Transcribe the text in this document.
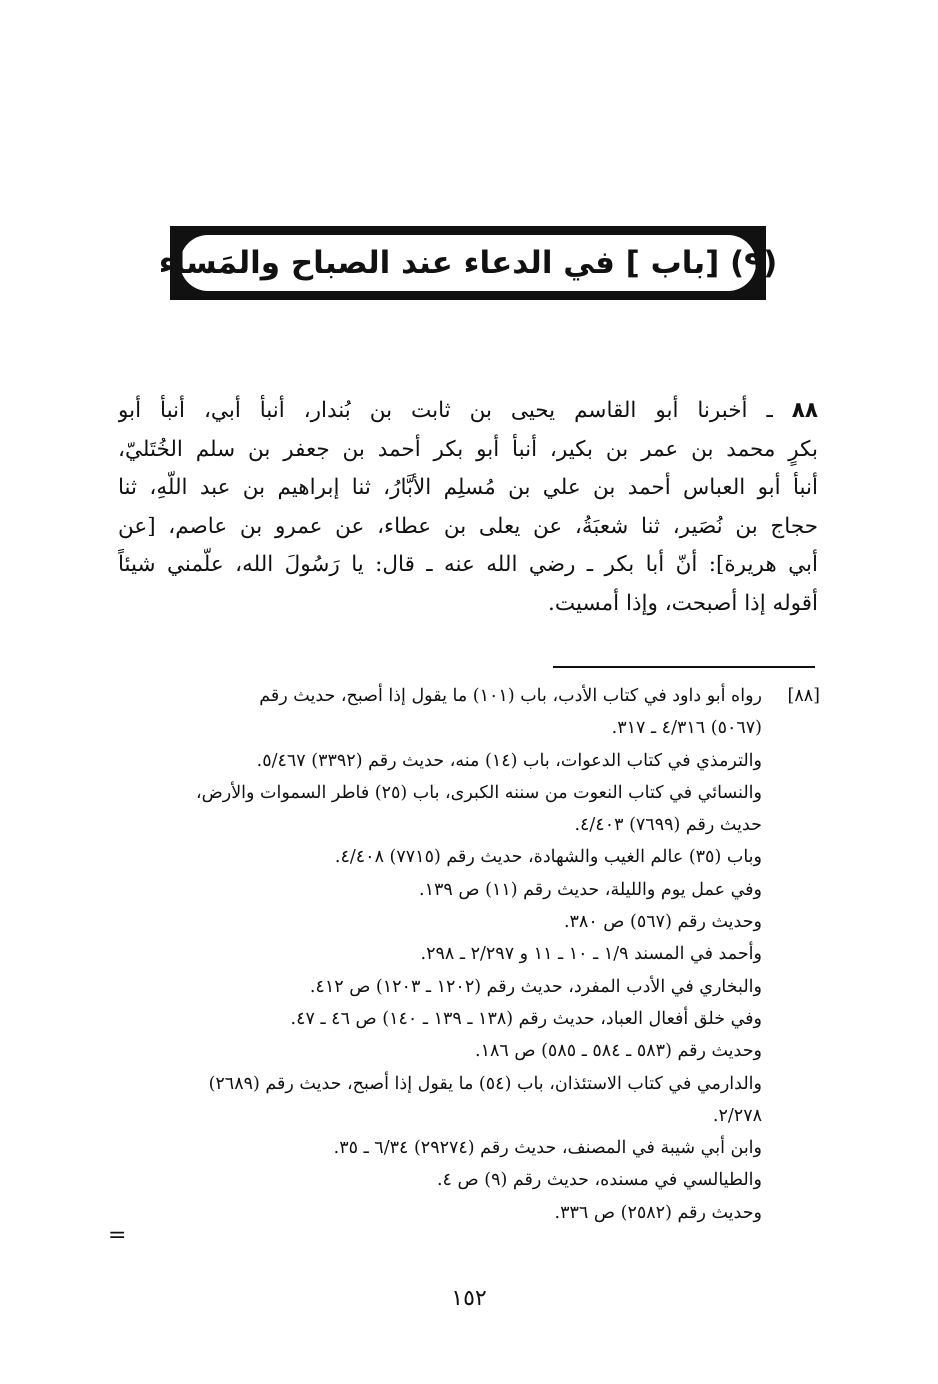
(٩) [باب ] في الدعاء عند الصباح والمَساء
٨٨ ـ أخبرنا أبو القاسم يحيى بن ثابت بن بُندار، أنبأ أبي، أنبأ أبو
بكرٍ محمد بن عمر بن بكير، أنبأ أبو بكر أحمد بن جعفر بن سلم الخُتَليّ،
أنبأ أبو العباس أحمد بن علي بن مُسلِم الأبَّارُ، ثنا إبراهيم بن عبد اللّهِ، ثنا
حجاج بن نُصَير، ثنا شعبَةُ، عن يعلى بن عطاء، عن عمرو بن عاصم، [عن
أبي هريرة]: أنّ أبا بكر ـ رضي الله عنه ـ قال: يا رَسُولَ الله، علّمني شيئاً
أقوله إذا أصبحت، وإذا أمسيت.
[٨٨]رواه أبو داود في كتاب الأدب، باب (١٠١) ما يقول إذا أصبح، حديث رقم
(٥٠٦٧) ٤/٣١٦ ـ ٣١٧.
والترمذي في كتاب الدعوات، باب (١٤) منه، حديث رقم (٣٣٩٢) ٥/٤٦٧.
والنسائي في كتاب النعوت من سننه الكبرى، باب (٢٥) فاطر السموات والأرض،
حديث رقم (٧٦٩٩) ٤/٤٠٣.
وباب (٣٥) عالم الغيب والشهادة، حديث رقم (٧٧١٥) ٤/٤٠٨.
وفي عمل يوم والليلة، حديث رقم (١١) ص ١٣٩.
وحديث رقم (٥٦٧) ص ٣٨٠.
وأحمد في المسند ١/٩ ـ ١٠ ـ ١١ و ٢/٢٩٧ ـ ٢٩٨.
والبخاري في الأدب المفرد، حديث رقم (١٢٠٢ ـ ١٢٠٣) ص ٤١٢.
وفي خلق أفعال العباد، حديث رقم (١٣٨ ـ ١٣٩ ـ ١٤٠) ص ٤٦ ـ ٤٧.
وحديث رقم (٥٨٣ ـ ٥٨٤ ـ ٥٨٥) ص ١٨٦.
والدارمي في كتاب الاستئذان، باب (٥٤) ما يقول إذا أصبح، حديث رقم (٢٦٨٩)
٢/٢٧٨.
وابن أبي شيبة في المصنف، حديث رقم (٢٩٢٧٤) ٦/٣٤ ـ ٣٥.
والطيالسي في مسنده، حديث رقم (٩) ص ٤.
وحديث رقم (٢٥٨٢) ص ٣٣٦.
=
١٥٢
